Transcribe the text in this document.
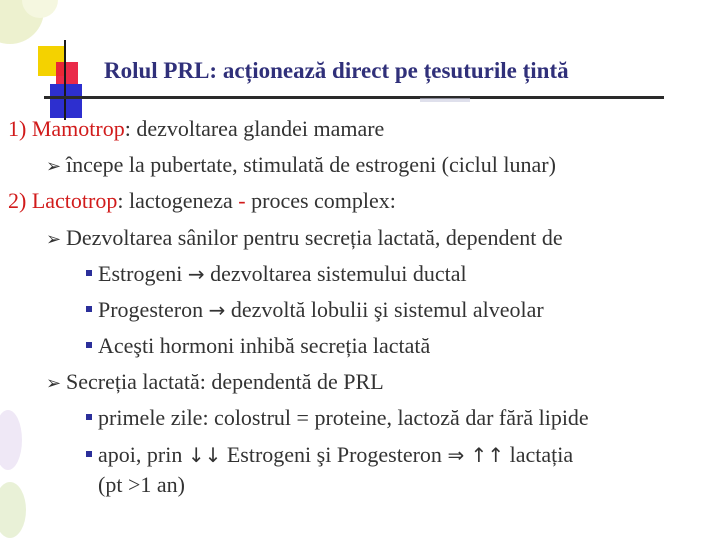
Rolul PRL: acționează direct pe țesuturile țintă
1) Mamotrop: dezvoltarea glandei mamare
➢ începe la pubertate, stimulată de estrogeni (ciclul lunar)
2) Lactotrop: lactogeneza - proces complex:
➢ Dezvoltarea sânilor pentru secreția lactată, dependent de
Estrogeni → dezvoltarea sistemului ductal
Progesteron → dezvoltă lobulii şi sistemul alveolar
Aceşti hormoni inhibă secreția lactată
➢ Secreția lactată: dependentă de PRL
primele zile: colostrul = proteine, lactoză dar fără lipide
apoi, prin ↓↓ Estrogeni şi Progesteron ⇒ ↑↑ lactația
(pt >1 an)
